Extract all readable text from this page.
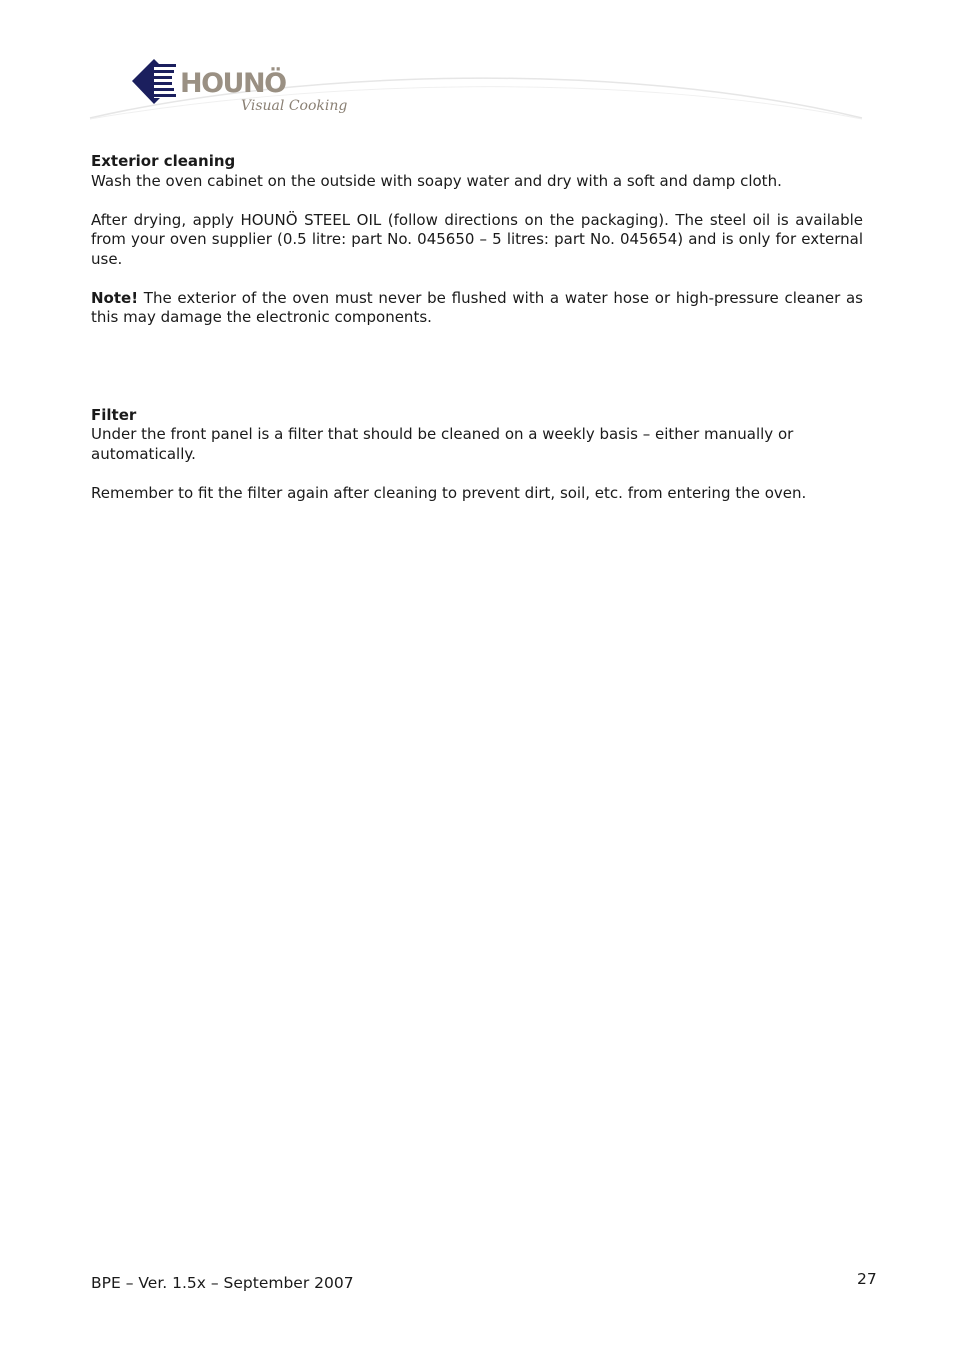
HOUNÖ
Visual Cooking

Exterior cleaning

Wash the oven cabinet on the outside with soapy water and dry with a soft and damp cloth.

After drying, apply HOUNÖ STEEL OIL (follow directions on the packaging). The steel oil is available from your oven supplier (0.5 litre: part No. 045650 – 5 litres: part No. 045654) and is only for external use.

Note! The exterior of the oven must never be flushed with a water hose or high-pressure cleaner as this may damage the electronic components.

Filter

Under the front panel is a filter that should be cleaned on a weekly basis – either manually or automatically.

Remember to fit the filter again after cleaning to prevent dirt, soil, etc. from entering the oven.

BPE – Ver. 1.5x – September 2007	27
